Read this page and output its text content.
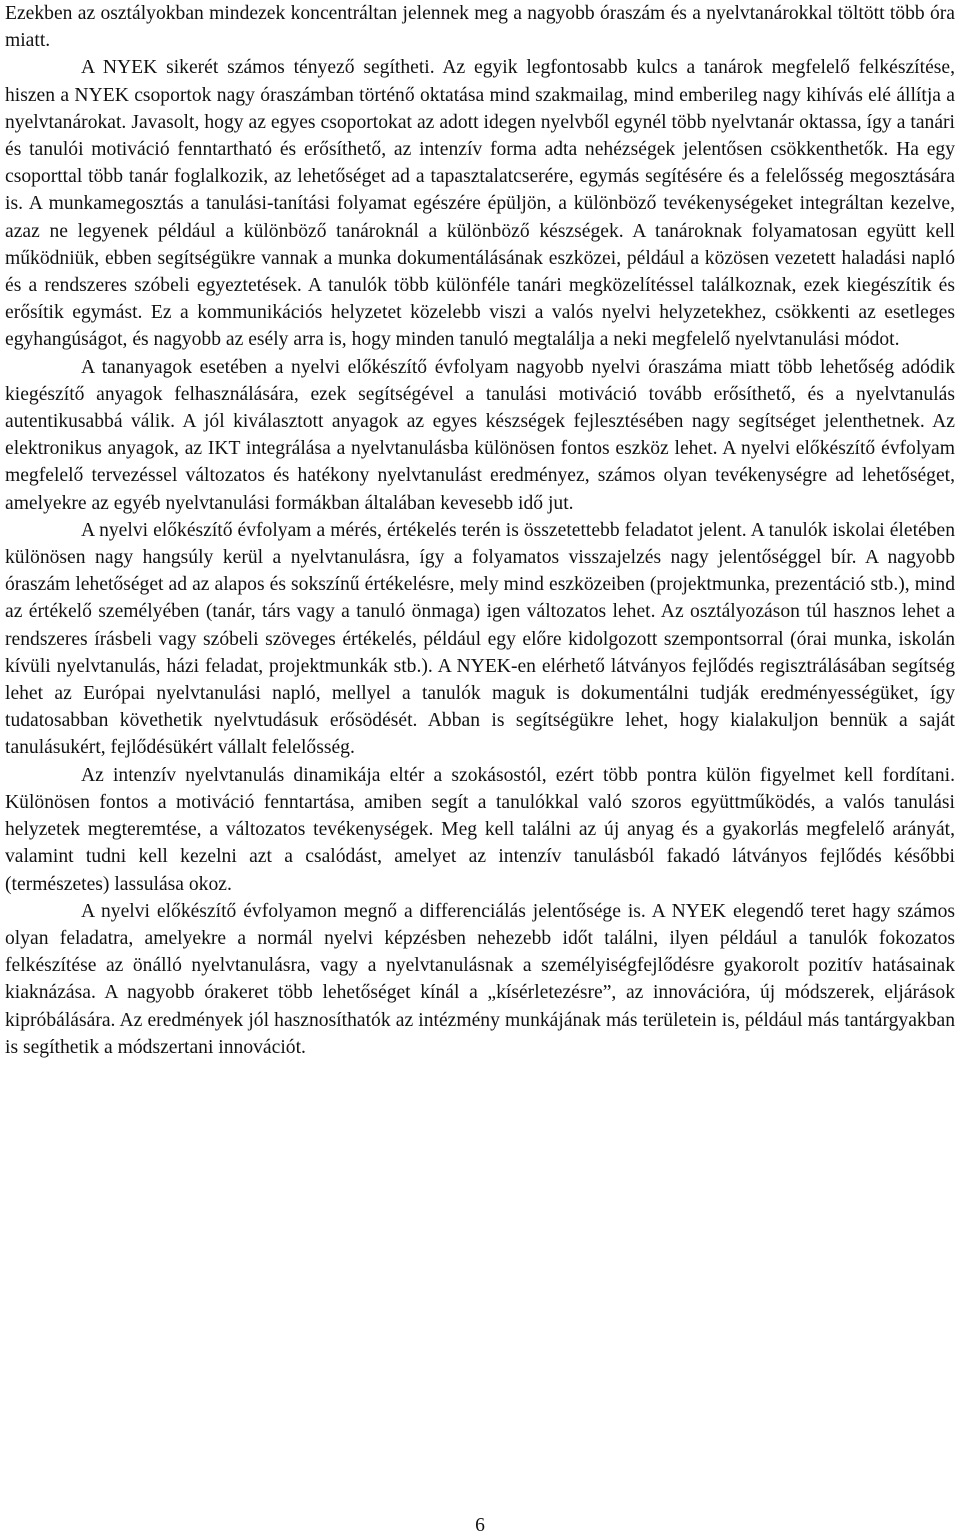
Ezekben az osztályokban mindezek koncentráltan jelennek meg a nagyobb óraszám és a nyelvtanárokkal töltött több óra miatt.

A NYEK sikerét számos tényező segítheti. Az egyik legfontosabb kulcs a tanárok megfelelő felkészítése, hiszen a NYEK csoportok nagy óraszámban történő oktatása mind szakmailag, mind emberileg nagy kihívás elé állítja a nyelvtanárokat. Javasolt, hogy az egyes csoportokat az adott idegen nyelvből egynél több nyelvtanár oktassa, így a tanári és tanulói motiváció fenntartható és erősíthető, az intenzív forma adta nehézségek jelentősen csökkenthetők. Ha egy csoporttal több tanár foglalkozik, az lehetőséget ad a tapasztalatcserére, egymás segítésére és a felelősség megosztására is. A munkamegosztás a tanulási-tanítási folyamat egészére épüljön, a különböző tevékenységeket integráltan kezelve, azaz ne legyenek például a különböző tanároknál a különböző készségek. A tanároknak folyamatosan együtt kell működniük, ebben segítségükre vannak a munka dokumentálásának eszközei, például a közösen vezetett haladási napló és a rendszeres szóbeli egyeztetések. A tanulók több különféle tanári megközelítéssel találkoznak, ezek kiegészítik és erősítik egymást. Ez a kommunikációs helyzetet közelebb viszi a valós nyelvi helyzetekhez, csökkenti az esetleges egyhangúságot, és nagyobb az esély arra is, hogy minden tanuló megtalálja a neki megfelelő nyelvtanulási módot.

A tananyagok esetében a nyelvi előkészítő évfolyam nagyobb nyelvi óraszáma miatt több lehetőség adódik kiegészítő anyagok felhasználására, ezek segítségével a tanulási motiváció tovább erősíthető, és a nyelvtanulás autentikusabbá válik. A jól kiválasztott anyagok az egyes készségek fejlesztésében nagy segítséget jelenthetnek. Az elektronikus anyagok, az IKT integrálása a nyelvtanulásba különösen fontos eszköz lehet. A nyelvi előkészítő évfolyam megfelelő tervezéssel változatos és hatékony nyelvtanulást eredményez, számos olyan tevékenységre ad lehetőséget, amelyekre az egyéb nyelvtanulási formákban általában kevesebb idő jut.

A nyelvi előkészítő évfolyam a mérés, értékelés terén is összetettebb feladatot jelent. A tanulók iskolai életében különösen nagy hangsúly kerül a nyelvtanulásra, így a folyamatos visszajelzés nagy jelentőséggel bír. A nagyobb óraszám lehetőséget ad az alapos és sokszínű értékelésre, mely mind eszközeiben (projektmunka, prezentáció stb.), mind az értékelő személyében (tanár, társ vagy a tanuló önmaga) igen változatos lehet. Az osztályozáson túl hasznos lehet a rendszeres írásbeli vagy szóbeli szöveges értékelés, például egy előre kidolgozott szempontsorral (órai munka, iskolán kívüli nyelvtanulás, házi feladat, projektmunkák stb.). A NYEK-en elérhető látványos fejlődés regisztrálásában segítség lehet az Európai nyelvtanulási napló, mellyel a tanulók maguk is dokumentálni tudják eredményességüket, így tudatosabban követhetik nyelvtudásuk erősödését. Abban is segítségükre lehet, hogy kialakuljon bennük a saját tanulásukért, fejlődésükért vállalt felelősség.

Az intenzív nyelvtanulás dinamikája eltér a szokásostól, ezért több pontra külön figyelmet kell fordítani. Különösen fontos a motiváció fenntartása, amiben segít a tanulókkal való szoros együttműködés, a valós tanulási helyzetek megteremtése, a változatos tevékenységek. Meg kell találni az új anyag és a gyakorlás megfelelő arányát, valamint tudni kell kezelni azt a csalódást, amelyet az intenzív tanulásból fakadó látványos fejlődés későbbi (természetes) lassulása okoz.

A nyelvi előkészítő évfolyamon megnő a differenciálás jelentősége is. A NYEK elegendő teret hagy számos olyan feladatra, amelyekre a normál nyelvi képzésben nehezebb időt találni, ilyen például a tanulók fokozatos felkészítése az önálló nyelvtanulásra, vagy a nyelvtanulásnak a személyiségfejlődésre gyakorolt pozitív hatásainak kiaknázása. A nagyobb órakeret több lehetőséget kínál a „kísérletezésre”, az innovációra, új módszerek, eljárások kipróbálására. Az eredmények jól hasznosíthatók az intézmény munkájának más területein is, például más tantárgyakban is segíthetik a módszertani innovációt.

6
